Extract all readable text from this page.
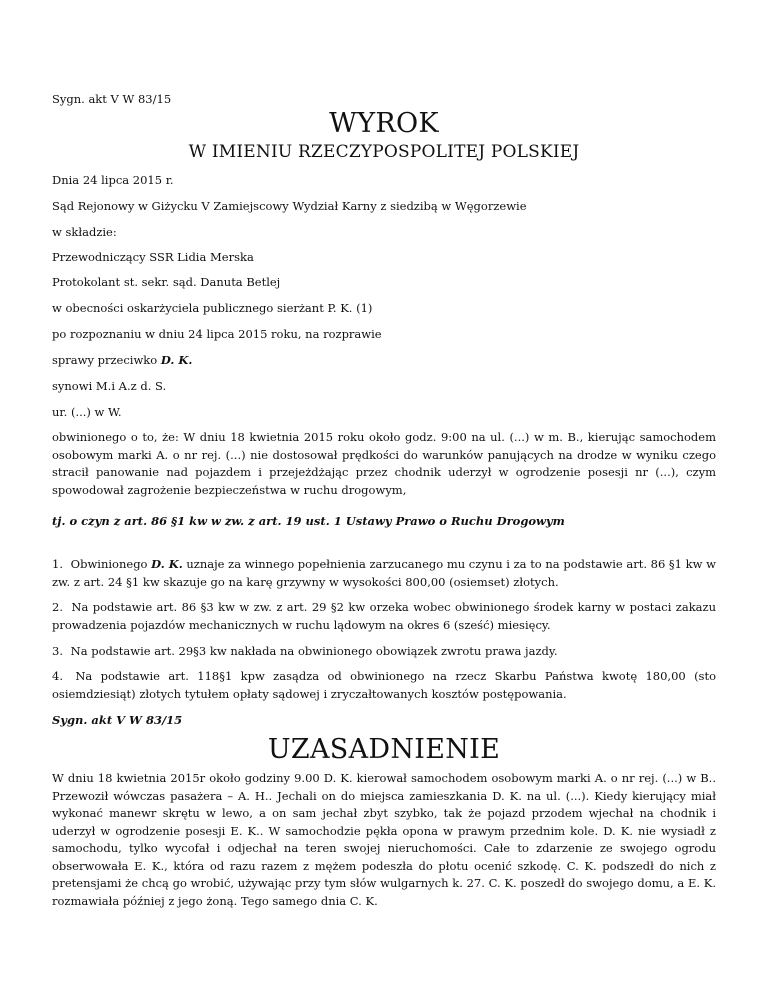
Sygn. akt V W 83/15

WYROK

W IMIENIU RZECZYPOSPOLITEJ POLSKIEJ

Dnia 24 lipca 2015 r.

Sąd Rejonowy w Giżycku V Zamiejscowy Wydział Karny z siedzibą w Węgorzewie

w składzie:

Przewodniczący SSR Lidia Merska

Protokolant st. sekr. sąd. Danuta Betlej

w obecności oskarżyciela publicznego sierżant P. K. (1)

po rozpoznaniu w dniu 24 lipca 2015 roku, na rozprawie

sprawy przeciwko D. K.

synowi M.i A.z d. S.

ur. (...) w W.

obwinionego o to, że: W dniu 18 kwietnia 2015 roku około godz. 9:00 na ul. (...) w m. B., kierując samochodem osobowym marki A. o nr rej. (...) nie dostosował prędkości do warunków panujących na drodze w wyniku czego stracił panowanie nad pojazdem i przejeżdżając przez chodnik uderzył w ogrodzenie posesji nr (...), czym spowodował zagrożenie bezpieczeństwa w ruchu drogowym,

tj. o czyn z art. 86 §1 kw w zw. z art. 19 ust. 1 Ustawy Prawo o Ruchu Drogowym

1. Obwinionego D. K. uznaje za winnego popełnienia zarzucanego mu czynu i za to na podstawie art. 86 §1 kw w zw. z art. 24 §1 kw skazuje go na karę grzywny w wysokości 800,00 (osiemset) złotych.

2. Na podstawie art. 86 §3 kw w zw. z art. 29 §2 kw orzeka wobec obwinionego środek karny w postaci zakazu prowadzenia pojazdów mechanicznych w ruchu lądowym na okres 6 (sześć) miesięcy.

3. Na podstawie art. 29§3 kw nakłada na obwinionego obowiązek zwrotu prawa jazdy.

4. Na podstawie art. 118§1 kpw zasądza od obwinionego na rzecz Skarbu Państwa kwotę 180,00 (sto osiemdziesiąt) złotych tytułem opłaty sądowej i zryczałtowanych kosztów postępowania.

Sygn. akt V W 83/15

UZASADNIENIE

W dniu 18 kwietnia 2015r około godziny 9.00 D. K. kierował samochodem osobowym marki A. o nr rej. (...) w B.. Przewoził wówczas pasażera – A. H.. Jechali on do miejsca zamieszkania D. K. na ul. (...). Kiedy kierujący miał wykonać manewr skrętu w lewo, a on sam jechał zbyt szybko, tak że pojazd przodem wjechał na chodnik i uderzył w ogrodzenie posesji E. K.. W samochodzie pękła opona w prawym przednim kole. D. K. nie wysiadł z samochodu, tylko wycofał i odjechał na teren swojej nieruchomości. Całe to zdarzenie ze swojego ogrodu obserwowała E. K., która od razu razem z mężem podeszła do płotu ocenić szkodę. C. K. podszedł do nich z pretensjami że chcą go wrobić, używając przy tym słów wulgarnych k. 27. C. K. poszedł do swojego domu, a E. K. rozmawiała później z jego żoną. Tego samego dnia C. K.
